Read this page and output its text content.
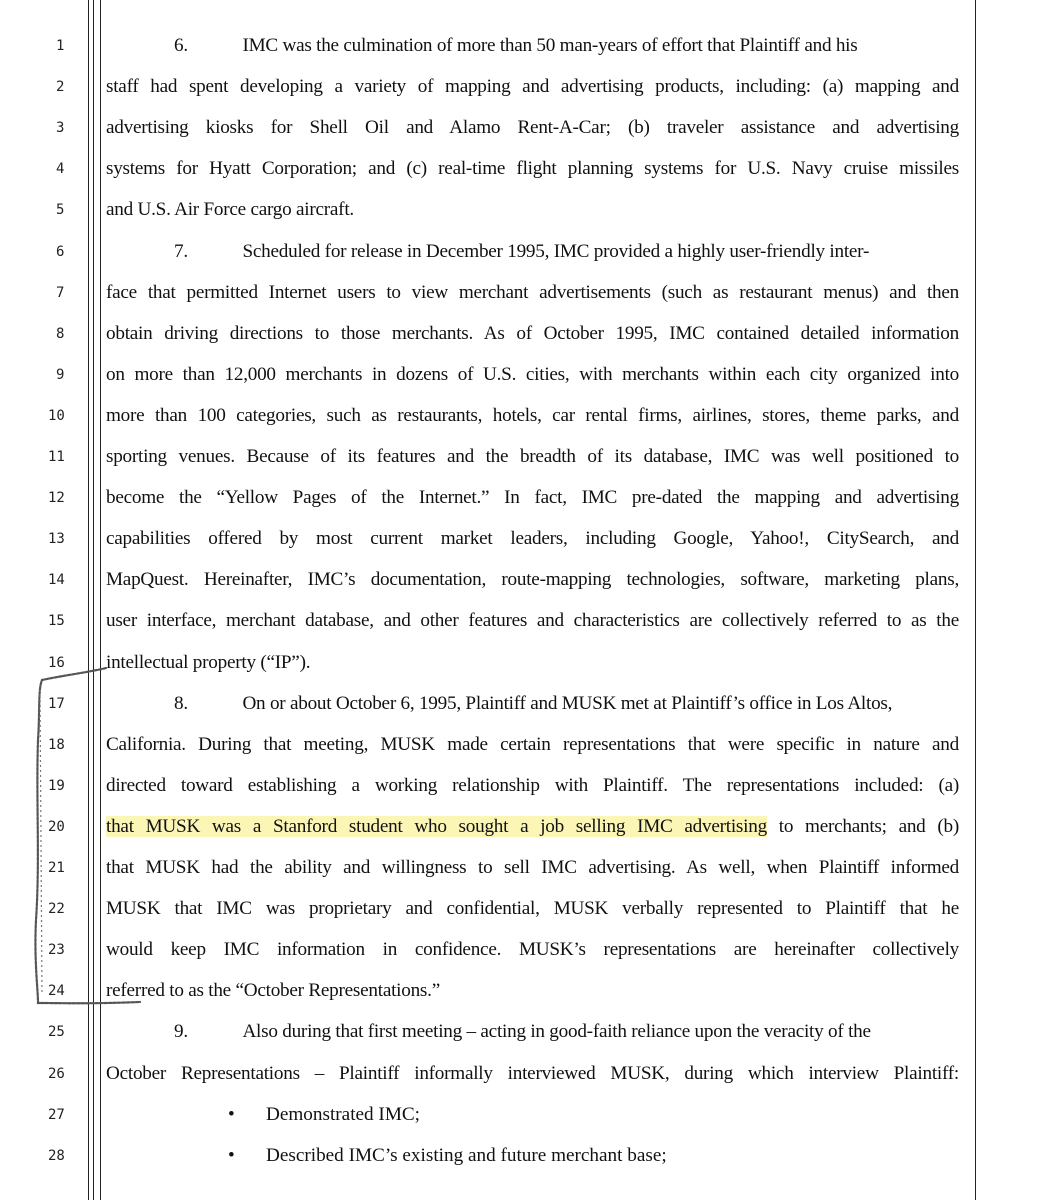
1
2
3
4
5
6
7
8
9
10
11
12
13
14
15
16
17
18
19
20
21
22
23
24
25
26
27
28
6.            IMC was the culmination of more than 50 man-years of effort that Plaintiff and his
staff had spent developing a variety of mapping and advertising products, including: (a) mapping and
advertising kiosks for Shell Oil and Alamo Rent-A-Car; (b) traveler assistance and advertising
systems for Hyatt Corporation; and (c) real-time flight planning systems for U.S. Navy cruise missiles
and U.S. Air Force cargo aircraft.
7.            Scheduled for release in December 1995, IMC provided a highly user-friendly inter-
face that permitted Internet users to view merchant advertisements (such as restaurant menus) and then
obtain driving directions to those merchants. As of October 1995, IMC contained detailed information
on more than 12,000 merchants in dozens of U.S. cities, with merchants within each city organized into
more than 100 categories, such as restaurants, hotels, car rental firms, airlines, stores, theme parks, and
sporting venues. Because of its features and the breadth of its database, IMC was well positioned to
become the “Yellow Pages of the Internet.” In fact, IMC pre-dated the mapping and advertising
capabilities offered by most current market leaders, including Google, Yahoo!, CitySearch, and
MapQuest. Hereinafter, IMC’s documentation, route-mapping technologies, software, marketing plans,
user interface, merchant database, and other features and characteristics are collectively referred to as the
intellectual property (“IP”).
8.            On or about October 6, 1995, Plaintiff and MUSK met at Plaintiff’s office in Los Altos,
California. During that meeting, MUSK made certain representations that were specific in nature and
directed toward establishing a working relationship with Plaintiff. The representations included: (a)
that MUSK was a Stanford student who sought a job selling IMC advertising to merchants; and (b)
that MUSK had the ability and willingness to sell IMC advertising. As well, when Plaintiff informed
MUSK that IMC was proprietary and confidential, MUSK verbally represented to Plaintiff that he
would keep IMC information in confidence. MUSK’s representations are hereinafter collectively
referred to as the “October Representations.”
9.            Also during that first meeting – acting in good-faith reliance upon the veracity of the
October Representations – Plaintiff informally interviewed MUSK, during which interview Plaintiff:
• Demonstrated IMC;
• Described IMC’s existing and future merchant base;
